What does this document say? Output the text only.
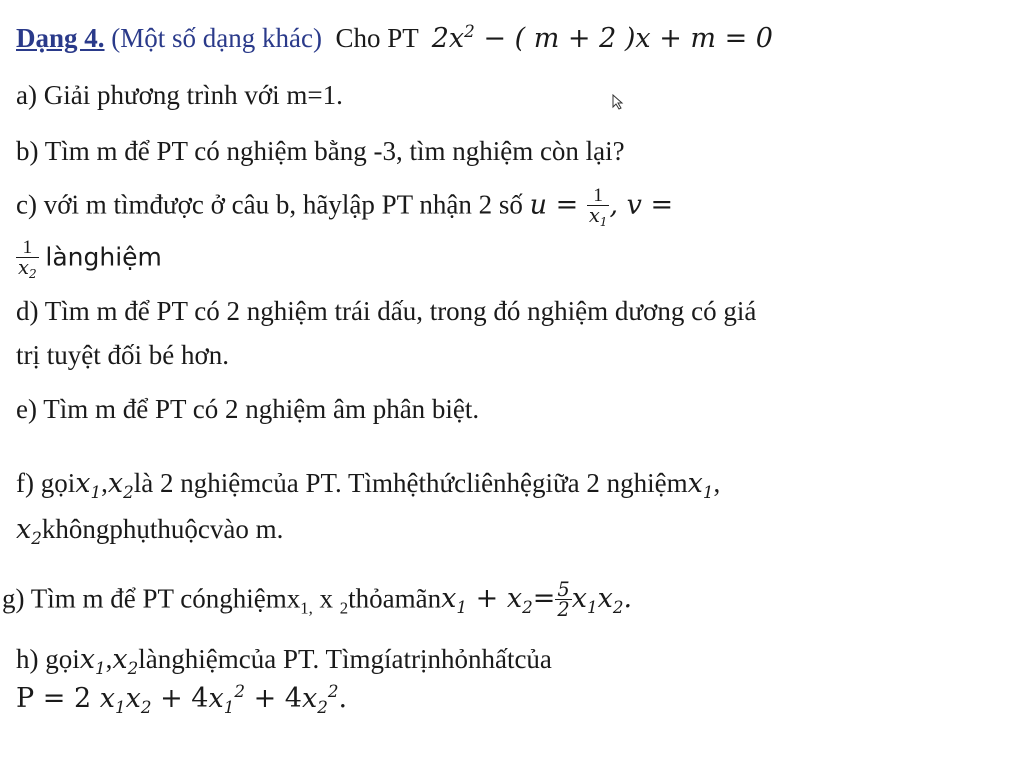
Dạng 4. (Một số dạng khác) Cho PT $2x^2$ − ( m + 2 )x + m = 0
a) Giải phương trình với m=1.
b) Tìm m để PT có nghiệm bằng -3, tìm nghiệm còn lại?
c) với m tìmđược ở câu b, hãylập PT nhận 2 số $u = \frac{1}{x_1}$ , v =
$\frac{1}{x_2}$ lànghiệm
d) Tìm m để PT có 2 nghiệm trái dấu, trong đó nghiệm dương có giá
trị tuyệt đối bé hơn.
e) Tìm m để PT có 2 nghiệm âm phân biệt.
f) $gọix_1,x_2là$ 2 nghiệmcủa PT. Tìmhệthứcliênhệgiữa 2 nghiệmx$_1$,
$x_2khôngphụthuộcvào$ m.
g) Tìm m để PT cónghiệmx$_{1,}$ x $_2$thỏamãnx$_1$ + $x_2= \frac{5}{2} x_1x_2$.
h) $gọix_1,x_2lànghiệmcủa$ PT. Tìmgíatrịnhỏnhấtcủa
P = 2 $x_1x_2 + 4x_1^2 + 4x_2^2$.
